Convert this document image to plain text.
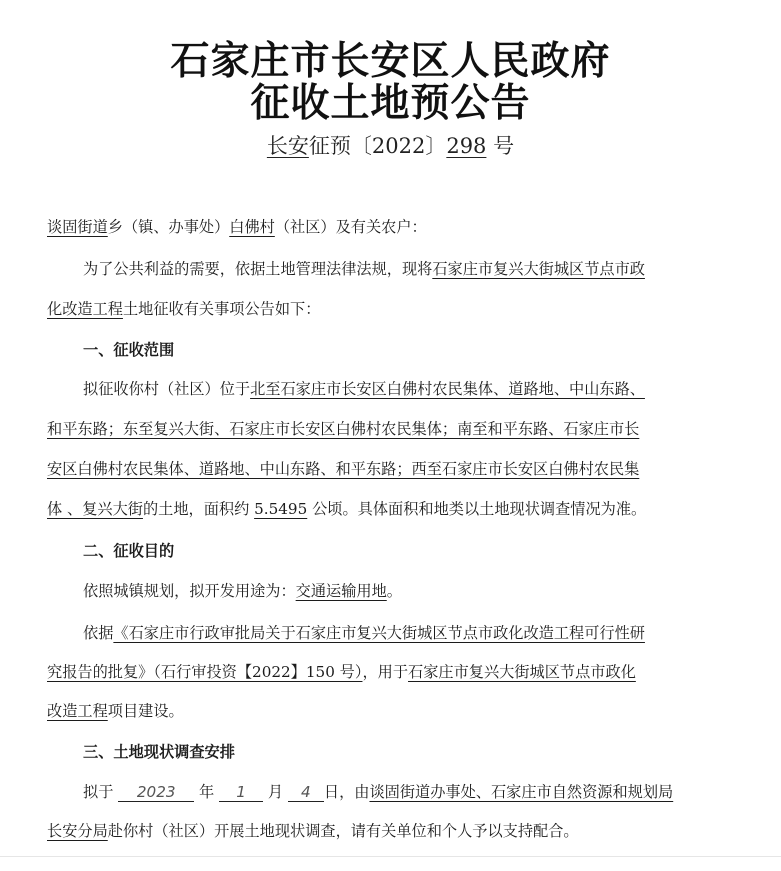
石家庄市长安区人民政府
征收土地预公告
长安征预〔2022〕298 号
谈固街道乡（镇、办事处）白佛村（社区）及有关农户：
为了公共利益的需要，依据土地管理法律法规，现将石家庄市复兴大街城区节点市政
化改造工程土地征收有关事项公告如下：
一、征收范围
拟征收你村（社区）位于北至石家庄市长安区白佛村农民集体、道路地、中山东路、
和平东路；东至复兴大街、石家庄市长安区白佛村农民集体；南至和平东路、石家庄市长
安区白佛村农民集体、道路地、中山东路、和平东路；西至石家庄市长安区白佛村农民集
体 、复兴大街的土地，面积约 5.5495 公顷。具体面积和地类以土地现状调查情况为准。
二、征收目的
依照城镇规划，拟开发用途为：交通运输用地。
依据《石家庄市行政审批局关于石家庄市复兴大街城区节点市政化改造工程可行性研
究报告的批复》（石行审投资【2022】150 号），用于石家庄市复兴大街城区节点市政化
改造工程项目建设。
三、土地现状调查安排
拟于 2023 年 1 月 4 日，由谈固街道办事处、石家庄市自然资源和规划局
长安分局赴你村（社区）开展土地现状调查，请有关单位和个人予以支持配合。
